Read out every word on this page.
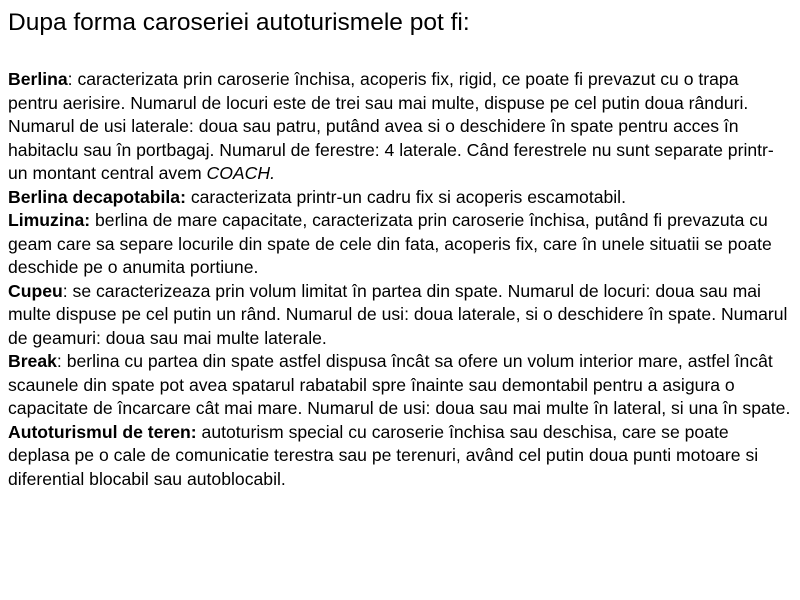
Dupa forma caroseriei autoturismele pot fi:

Berlina: caracterizata prin caroserie închisa, acoperis fix, rigid, ce poate fi prevazut cu o trapa pentru aerisire. Numarul de locuri este de trei sau mai multe, dispuse pe cel putin doua rânduri. Numarul de usi laterale: doua sau patru, putând avea si o deschidere în spate pentru acces în habitaclu sau în portbagaj. Numarul de ferestre: 4 laterale. Când ferestrele nu sunt separate printr-un montant central avem COACH.

Berlina decapotabila: caracterizata printr-un cadru fix si acoperis escamotabil.

Limuzina: berlina de mare capacitate, caracterizata prin caroserie închisa, putând fi prevazuta cu geam care sa separe locurile din spate de cele din fata, acoperis fix, care în unele situatii se poate deschide pe o anumita portiune.

Cupeu: se caracterizeaza prin volum limitat în partea din spate. Numarul de locuri: doua sau mai multe dispuse pe cel putin un rând. Numarul de usi: doua laterale, si o deschidere în spate. Numarul de geamuri: doua sau mai multe laterale.

Break: berlina cu partea din spate astfel dispusa încât sa ofere un volum interior mare, astfel încât scaunele din spate pot avea spatarul rabatabil spre înainte sau demontabil pentru a asigura o capacitate de încarcare cât mai mare. Numarul de usi: doua sau mai multe în lateral, si una în spate.

Autoturismul de teren: autoturism special cu caroserie închisa sau deschisa, care se poate deplasa pe o cale de comunicatie terestra sau pe terenuri, având cel putin doua punti motoare si diferential blocabil sau autoblocabil.
